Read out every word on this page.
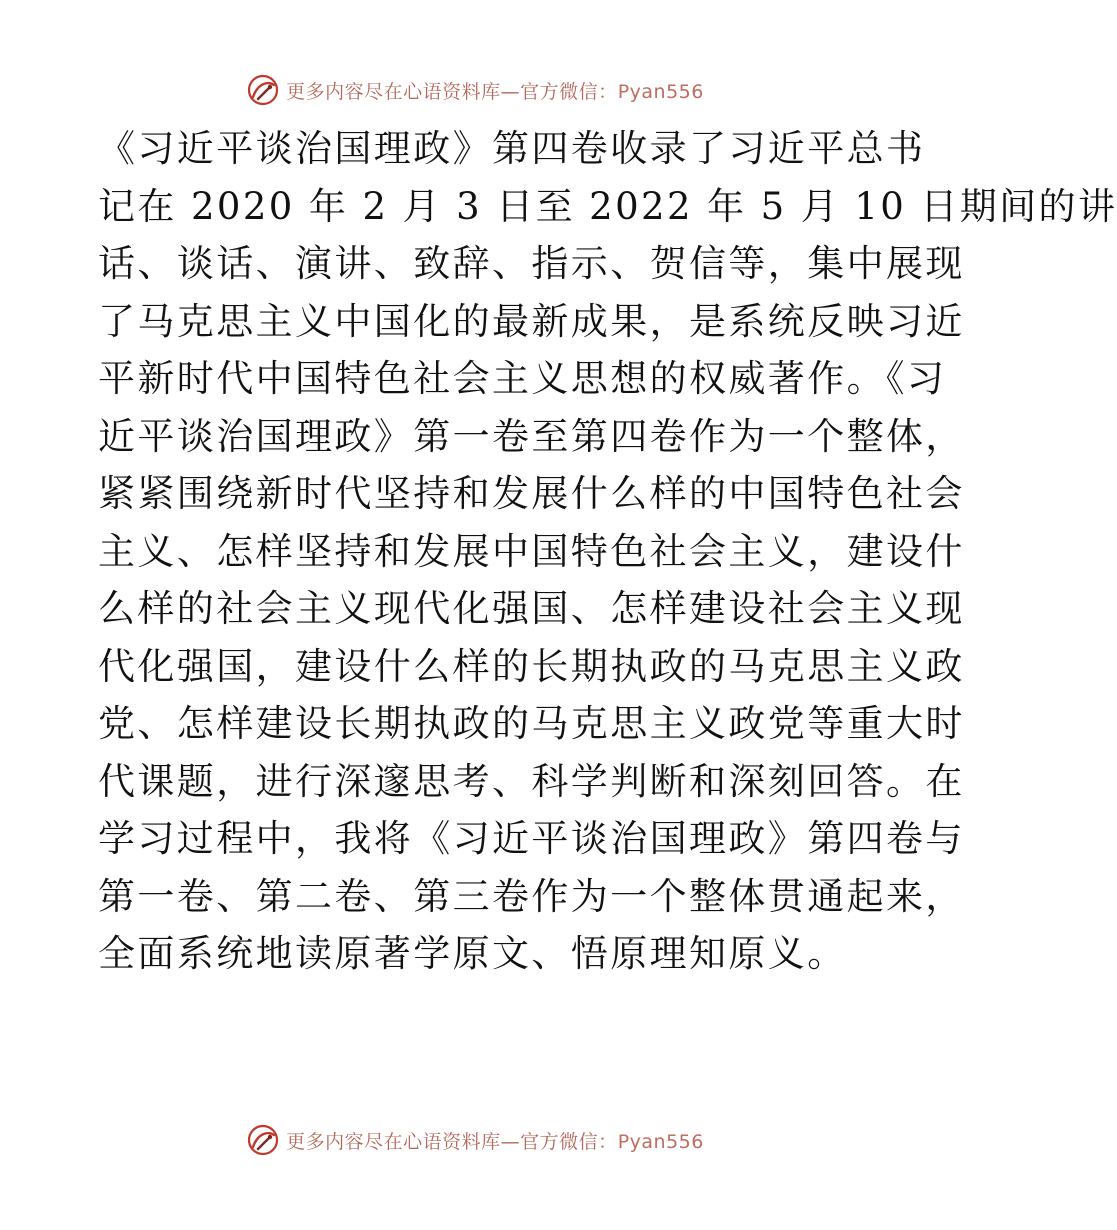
更多内容尽在心语资料库—官方微信：Pyan556

《习近平谈治国理政》第四卷收录了习近平总书
记在 2020 年 2 月 3 日至 2022 年 5 月 10 日期间的讲
话、谈话、演讲、致辞、指示、贺信等，集中展现
了马克思主义中国化的最新成果，是系统反映习近
平新时代中国特色社会主义思想的权威著作。《习
近平谈治国理政》第一卷至第四卷作为一个整体，
紧紧围绕新时代坚持和发展什么样的中国特色社会
主义、怎样坚持和发展中国特色社会主义，建设什
么样的社会主义现代化强国、怎样建设社会主义现
代化强国，建设什么样的长期执政的马克思主义政
党、怎样建设长期执政的马克思主义政党等重大时
代课题，进行深邃思考、科学判断和深刻回答。在
学习过程中，我将《习近平谈治国理政》第四卷与
第一卷、第二卷、第三卷作为一个整体贯通起来，
全面系统地读原著学原文、悟原理知原义。

更多内容尽在心语资料库—官方微信：Pyan556
